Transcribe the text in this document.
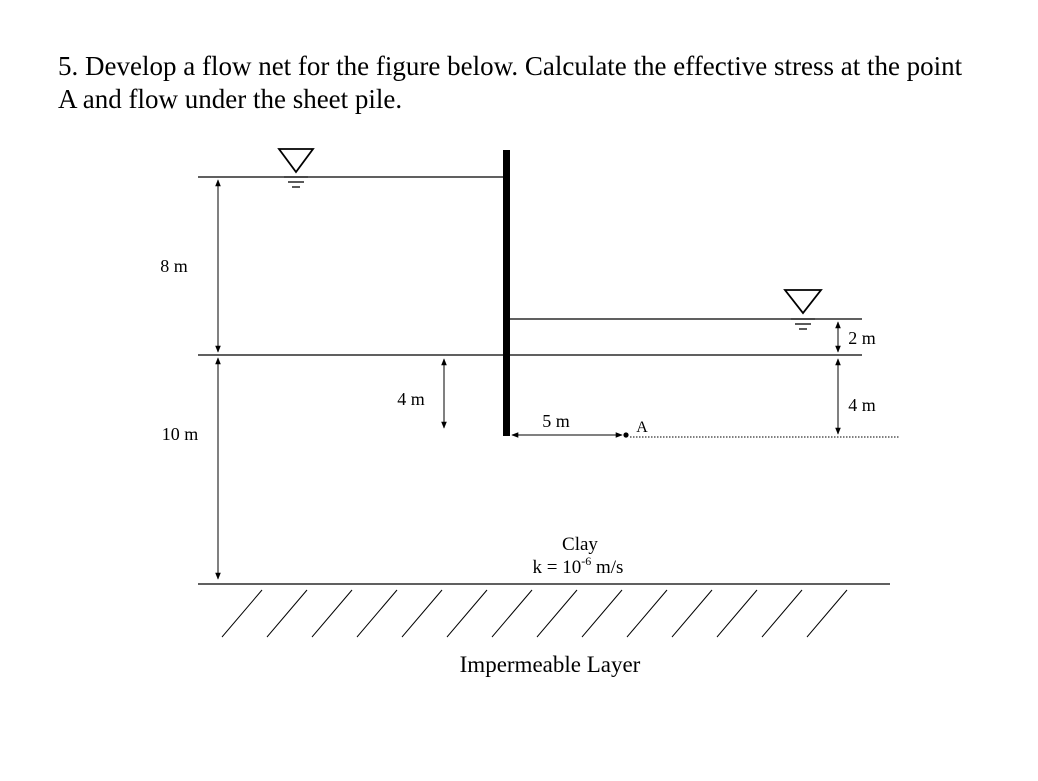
5. Develop a flow net for the figure below. Calculate the effective stress at the point
A and flow under the sheet pile.
8 m
10 m
4 m
5 m	A
2 m
4 m
Clay
$k = 10^{-6}$ m/s
Impermeable Layer
